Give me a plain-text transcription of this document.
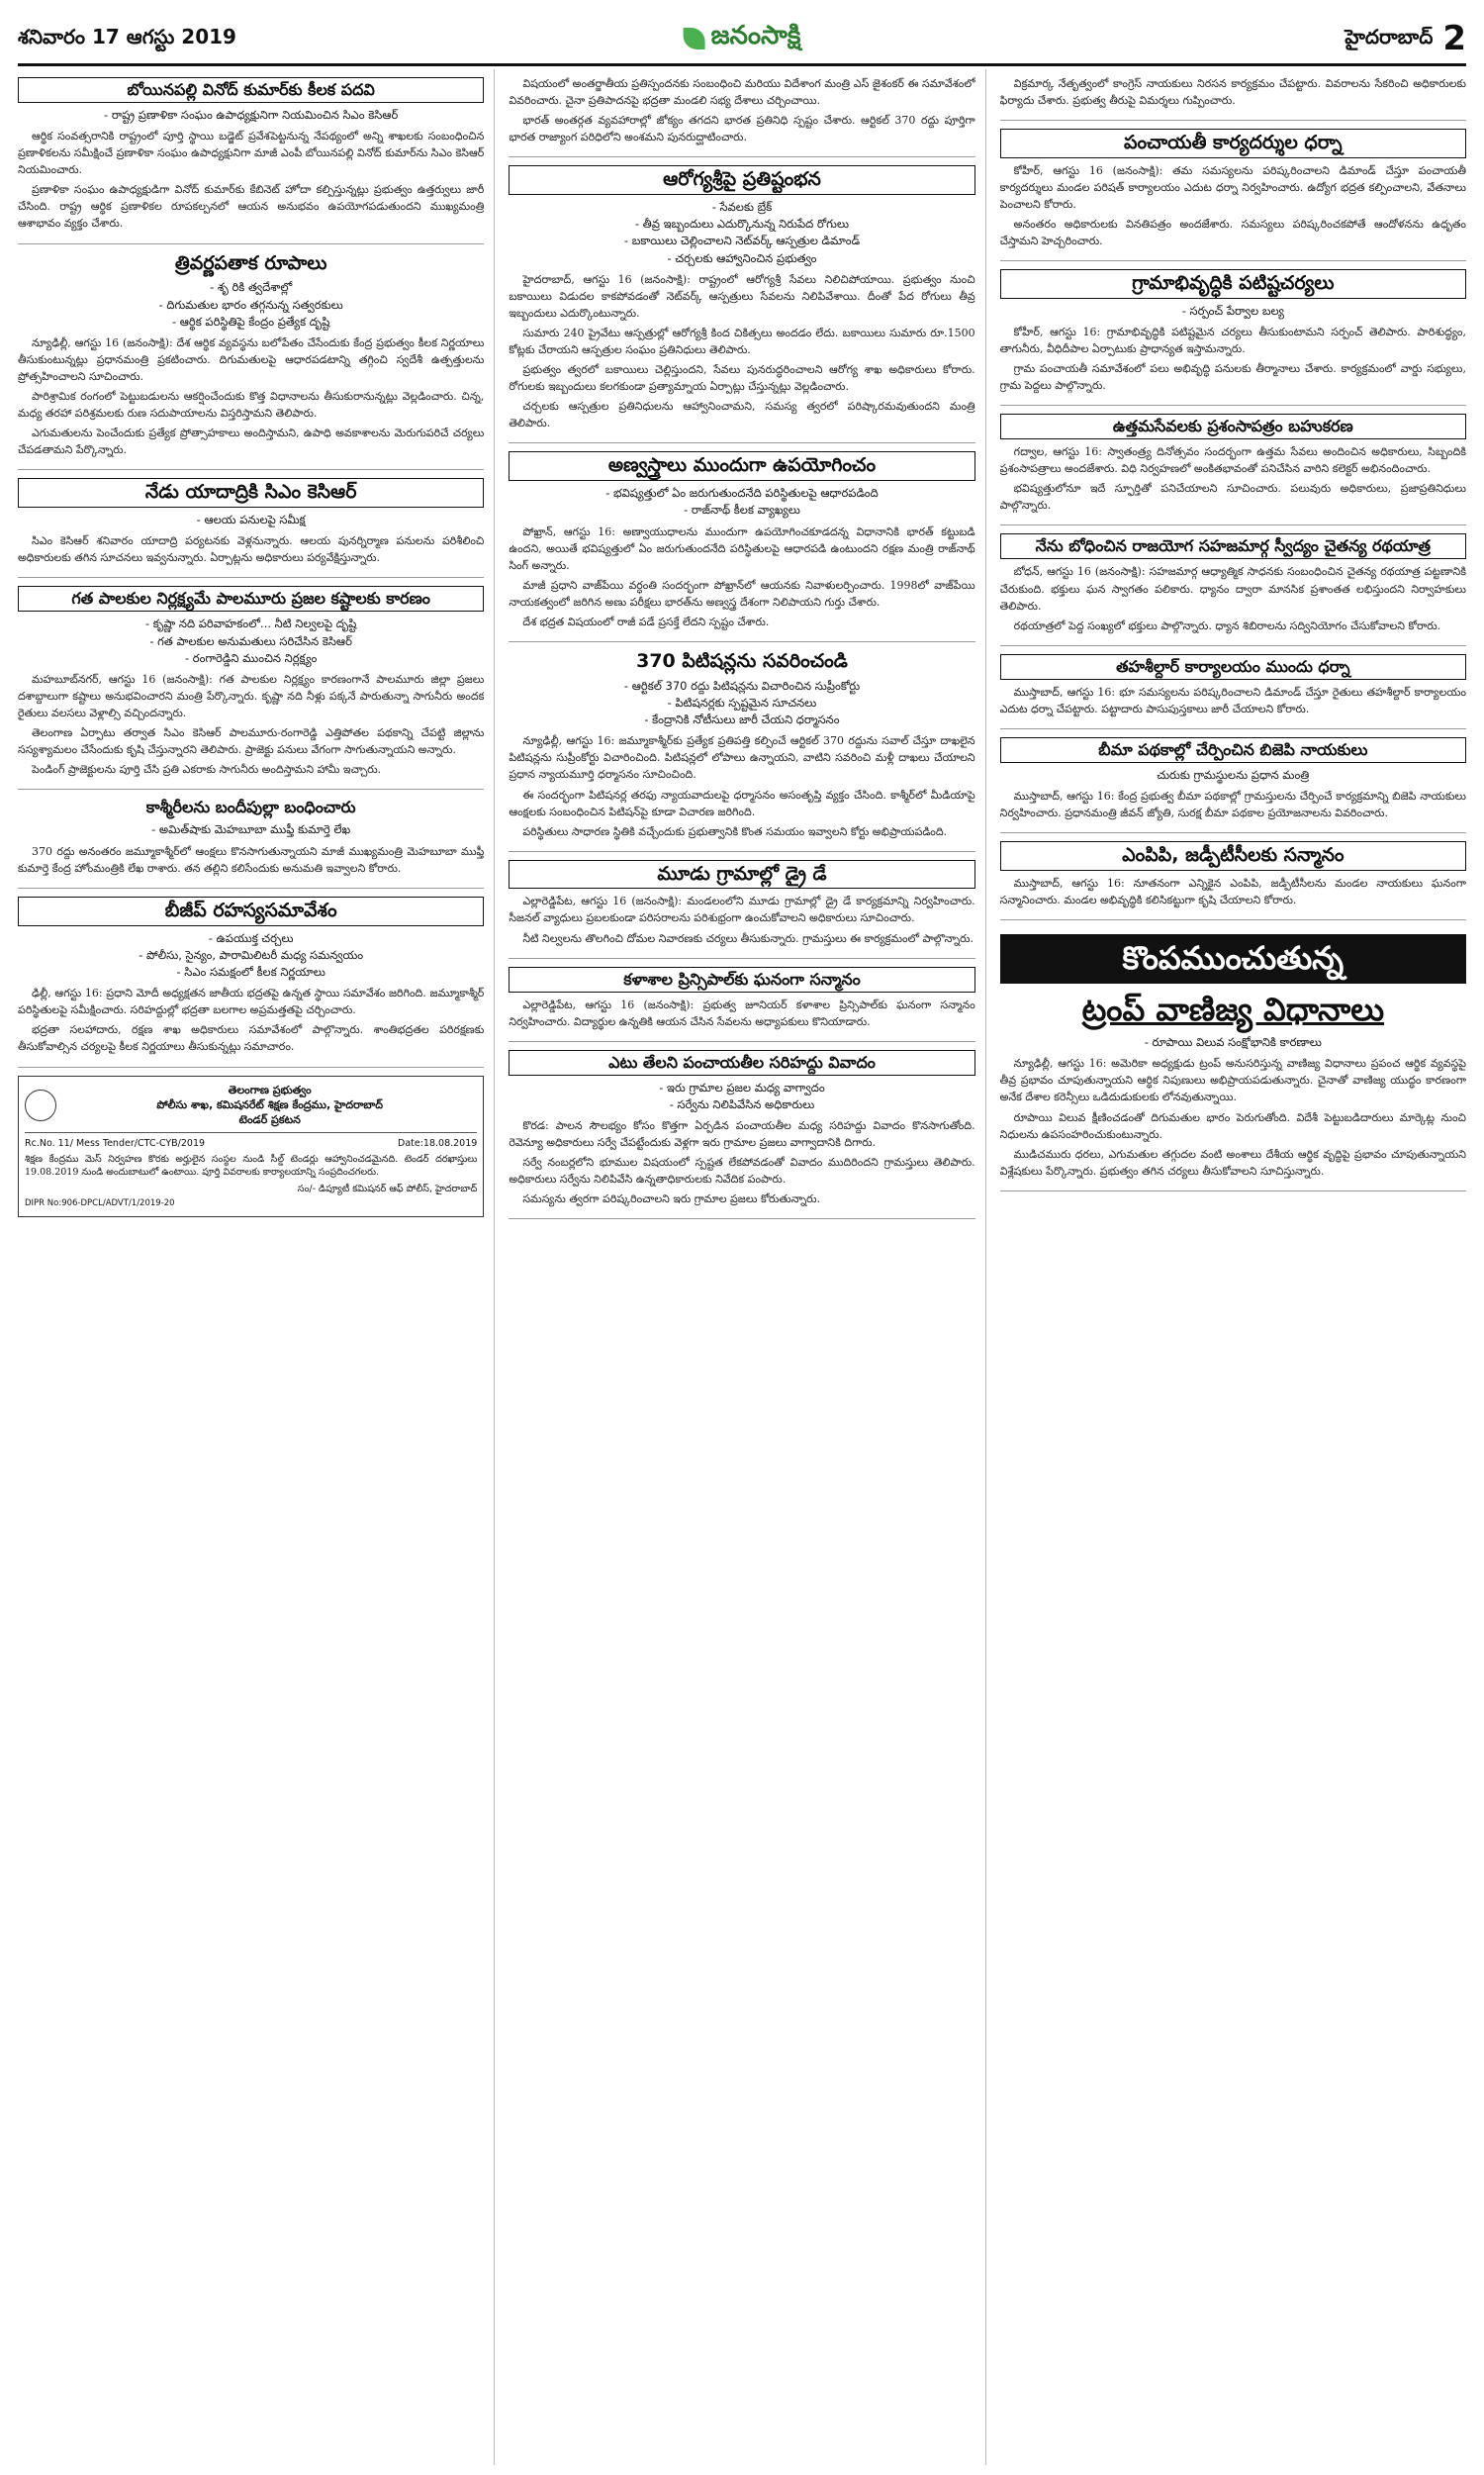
శనివారం 17 ఆగస్టు 2019	జనంసాక్షి	హైదరాబాద్ 2
బోయినపల్లి వినోద్ కుమార్‌కు కీలక పదవి
- రాష్ట్ర ప్రణాళికా సంఘం ఉపాధ్యక్షునిగా నియమించిన సిఎం కెసిఆర్

ఆర్థిక సంవత్సరానికి రాష్ట్రంలో పూర్తి స్థాయి బడ్జెట్ ప్రవేశపెట్టనున్న నేపథ్యంలో అన్ని శాఖలకు సంబంధించిన ప్రణాళికలను సమీక్షించే ప్రణాళికా సంఘం ఉపాధ్యక్షునిగా మాజీ ఎంపీ బోయినపల్లి వినోద్ కుమార్‌ను సిఎం కెసిఆర్ నియమించారు.

ప్రణాళికా సంఘం ఉపాధ్యక్షుడిగా వినోద్ కుమార్‌కు కేబినెట్ హోదా కల్పిస్తున్నట్లు ప్రభుత్వం ఉత్తర్వులు జారీ చేసింది. రాష్ట్ర ఆర్థిక ప్రణాళికల రూపకల్పనలో ఆయన అనుభవం ఉపయోగపడుతుందని ముఖ్యమంత్రి ఆశాభావం వ్యక్తం చేశారు.

త్రివర్ణపతాక రూపాలు
- శృ రికి త్వదేశాల్లో
- దిగుమతుల భారం తగ్గనున్న సత్వరకులు
- ఆర్థిక పరిస్థితిపై కేంద్రం ప్రత్యేక దృష్టి

న్యూఢిల్లీ, ఆగస్టు 16 (జనంసాక్షి): దేశ ఆర్థిక వ్యవస్థను బలోపేతం చేసేందుకు కేంద్ర ప్రభుత్వం కీలక నిర్ణయాలు తీసుకుంటున్నట్లు ప్రధానమంత్రి ప్రకటించారు. దిగుమతులపై ఆధారపడటాన్ని తగ్గించి స్వదేశీ ఉత్పత్తులను ప్రోత్సహించాలని సూచించారు.

పారిశ్రామిక రంగంలో పెట్టుబడులను ఆకర్షించేందుకు కొత్త విధానాలను తీసుకురానున్నట్లు వెల్లడించారు. చిన్న, మధ్య తరహా పరిశ్రమలకు రుణ సదుపాయాలను విస్తరిస్తామని తెలిపారు.

ఎగుమతులను పెంచేందుకు ప్రత్యేక ప్రోత్సాహకాలు అందిస్తామని, ఉపాధి అవకాశాలను మెరుగుపరిచే చర్యలు చేపడతామని పేర్కొన్నారు.

నేడు యాదాద్రికి సిఎం కెసిఆర్
- ఆలయ పనులపై సమీక్ష

సిఎం కెసిఆర్ శనివారం యాదాద్రి పర్యటనకు వెళ్లనున్నారు. ఆలయ పునర్నిర్మాణ పనులను పరిశీలించి అధికారులకు తగిన సూచనలు ఇవ్వనున్నారు. ఏర్పాట్లను అధికారులు పర్యవేక్షిస్తున్నారు.

గత పాలకుల నిర్లక్ష్యమే పాలమూరు ప్రజల కష్టాలకు కారణం
- కృష్ణా నది పరివాహకంలో... నీటి నిల్వలపై దృష్టి
- గత పాలకుల అనుమతులు సరిచేసిన కెసిఆర్
- రంగారెడ్డిని ముంచిన నిర్లక్ష్యం

మహబూబ్‌నగర్, ఆగస్టు 16 (జనంసాక్షి): గత పాలకుల నిర్లక్ష్యం కారణంగానే పాలమూరు జిల్లా ప్రజలు దశాబ్దాలుగా కష్టాలు అనుభవించారని మంత్రి పేర్కొన్నారు. కృష్ణా నది నీళ్లు పక్కనే పారుతున్నా సాగునీరు అందక రైతులు వలసలు వెళ్లాల్సి వచ్చిందన్నారు.

తెలంగాణ ఏర్పాటు తర్వాత సిఎం కెసిఆర్ పాలమూరు-రంగారెడ్డి ఎత్తిపోతల పథకాన్ని చేపట్టి జిల్లాను సస్యశ్యామలం చేసేందుకు కృషి చేస్తున్నారని తెలిపారు. ప్రాజెక్టు పనులు వేగంగా సాగుతున్నాయని అన్నారు.

పెండింగ్ ప్రాజెక్టులను పూర్తి చేసి ప్రతి ఎకరాకు సాగునీరు అందిస్తామని హామీ ఇచ్చారు.

కాశ్మీరీలను బందీపుల్లా బంధించారు
- అమిత్‌షాకు మెహబూబా ముఫ్తీ కుమార్తె లేఖ

370 రద్దు అనంతరం జమ్మూకాశ్మీర్‌లో ఆంక్షలు కొనసాగుతున్నాయని మాజీ ముఖ్యమంత్రి మెహబూబా ముఫ్తీ కుమార్తె కేంద్ర హోంమంత్రికి లేఖ రాశారు. తన తల్లిని కలిసేందుకు అనుమతి ఇవ్వాలని కోరారు.

బీజీప్ రహస్యసమావేశం
- ఉపయుక్త చర్చలు
- పోలీసు, సైన్యం, పారామిలిటరీ మధ్య సమన్వయం
- సిఎం సమక్షంలో కీలక నిర్ణయాలు

ఢిల్లీ, ఆగస్టు 16: ప్రధాని మోదీ అధ్యక్షతన జాతీయ భద్రతపై ఉన్నత స్థాయి సమావేశం జరిగింది. జమ్మూకాశ్మీర్ పరిస్థితులపై సమీక్షించారు. సరిహద్దుల్లో భద్రతా బలగాల అప్రమత్తతపై చర్చించారు.

భద్రతా సలహాదారు, రక్షణ శాఖ అధికారులు సమావేశంలో పాల్గొన్నారు. శాంతిభద్రతల పరిరక్షణకు తీసుకోవాల్సిన చర్యలపై కీలక నిర్ణయాలు తీసుకున్నట్లు సమాచారం.

తెలంగాణ ప్రభుత్వం
పోలీసు శాఖ, కమిషనరేట్ శిక్షణ కేంద్రము, హైదరాబాద్
టెండర్ ప్రకటన
Rc.No. 11/ Mess Tender/CTC-CYB/2019	Date:18.08.2019
శిక్షణ కేంద్రము మెస్ నిర్వహణ కొరకు అర్హులైన సంస్థల నుండి సీల్డ్ టెండర్లు ఆహ్వానించడమైనది. టెండర్ దరఖాస్తులు 19.08.2019 నుండి అందుబాటులో ఉంటాయి. పూర్తి వివరాలకు కార్యాలయాన్ని సంప్రదించగలరు.
సం/- డిప్యూటీ కమిషనర్ ఆఫ్ పోలీస్, హైదరాబాద్
DIPR No:906-DPCL/ADVT/1/2019-20

విషయంలో అంతర్జాతీయ ప్రతిస్పందనకు సంబంధించి మరియు విదేశాంగ మంత్రి ఎస్ జైశంకర్ ఈ సమావేశంలో వివరించారు. చైనా ప్రతిపాదనపై భద్రతా మండలి సభ్య దేశాలు చర్చించాయి.

భారత్ అంతర్గత వ్యవహారాల్లో జోక్యం తగదని భారత ప్రతినిధి స్పష్టం చేశారు. ఆర్టికల్ 370 రద్దు పూర్తిగా భారత రాజ్యాంగ పరిధిలోని అంశమని పునరుద్ఘాటించారు.

ఆరోగ్యశ్రీపై ప్రతిష్టంభన
- సేవలకు బ్రేక్
- తీవ్ర ఇబ్బందులు ఎదుర్కొనున్న నిరుపేద రోగులు
- బకాయిలు చెల్లించాలని నెట్‌వర్క్ ఆస్పత్రుల డిమాండ్
- చర్చలకు ఆహ్వానించిన ప్రభుత్వం

హైదరాబాద్, ఆగస్టు 16 (జనంసాక్షి): రాష్ట్రంలో ఆరోగ్యశ్రీ సేవలు నిలిచిపోయాయి. ప్రభుత్వం నుంచి బకాయిలు విడుదల కాకపోవడంతో నెట్‌వర్క్ ఆస్పత్రులు సేవలను నిలిపివేశాయి. దీంతో పేద రోగులు తీవ్ర ఇబ్బందులు ఎదుర్కొంటున్నారు.

సుమారు 240 ప్రైవేటు ఆస్పత్రుల్లో ఆరోగ్యశ్రీ కింద చికిత్సలు అందడం లేదు. బకాయిలు సుమారు రూ.1500 కోట్లకు చేరాయని ఆస్పత్రుల సంఘం ప్రతినిధులు తెలిపారు.

ప్రభుత్వం త్వరలో బకాయిలు చెల్లిస్తుందని, సేవలు పునరుద్ధరించాలని ఆరోగ్య శాఖ అధికారులు కోరారు. రోగులకు ఇబ్బందులు కలగకుండా ప్రత్యామ్నాయ ఏర్పాట్లు చేస్తున్నట్లు వెల్లడించారు.

చర్చలకు ఆస్పత్రుల ప్రతినిధులను ఆహ్వానించామని, సమస్య త్వరలో పరిష్కారమవుతుందని మంత్రి తెలిపారు.

అణ్వస్త్రాలు ముందుగా ఉపయోగించం
- భవిష్యత్తులో ఏం జరుగుతుందనేది పరిస్థితులపై ఆధారపడింది
- రాజ్‌నాథ్ కీలక వ్యాఖ్యలు

పోఖ్రాన్, ఆగస్టు 16: అణ్వాయుధాలను ముందుగా ఉపయోగించకూడదన్న విధానానికి భారత్ కట్టుబడి ఉందని, అయితే భవిష్యత్తులో ఏం జరుగుతుందనేది పరిస్థితులపై ఆధారపడి ఉంటుందని రక్షణ మంత్రి రాజ్‌నాథ్ సింగ్ అన్నారు.

మాజీ ప్రధాని వాజ్‌పేయి వర్ధంతి సందర్భంగా పోఖ్రాన్‌లో ఆయనకు నివాళులర్పించారు. 1998లో వాజ్‌పేయి నాయకత్వంలో జరిగిన అణు పరీక్షలు భారత్‌ను అణ్వస్త్ర దేశంగా నిలిపాయని గుర్తు చేశారు.

దేశ భద్రత విషయంలో రాజీ పడే ప్రసక్తే లేదని స్పష్టం చేశారు.

370 పిటిషన్లను సవరించండి
- ఆర్టికల్ 370 రద్దు పిటిషన్లను విచారించిన సుప్రీంకోర్టు
- పిటిషనర్లకు స్పష్టమైన సూచనలు
- కేంద్రానికి నోటీసులు జారీ చేయని ధర్మాసనం

న్యూఢిల్లీ, ఆగస్టు 16: జమ్మూకాశ్మీర్‌కు ప్రత్యేక ప్రతిపత్తి కల్పించే ఆర్టికల్ 370 రద్దును సవాల్ చేస్తూ దాఖలైన పిటిషన్లను సుప్రీంకోర్టు విచారించింది. పిటిషన్లలో లోపాలు ఉన్నాయని, వాటిని సవరించి మళ్లీ దాఖలు చేయాలని ప్రధాన న్యాయమూర్తి ధర్మాసనం సూచించింది.

ఈ సందర్భంగా పిటిషనర్ల తరఫు న్యాయవాదులపై ధర్మాసనం అసంతృప్తి వ్యక్తం చేసింది. కాశ్మీర్‌లో మీడియాపై ఆంక్షలకు సంబంధించిన పిటిషన్‌పై కూడా విచారణ జరిగింది.

పరిస్థితులు సాధారణ స్థితికి వచ్చేందుకు ప్రభుత్వానికి కొంత సమయం ఇవ్వాలని కోర్టు అభిప్రాయపడింది.

మూడు గ్రామాల్లో డ్రై డే

ఎల్లారెడ్డిపేట, ఆగస్టు 16 (జనంసాక్షి): మండలంలోని మూడు గ్రామాల్లో డ్రై డే కార్యక్రమాన్ని నిర్వహించారు. సీజనల్ వ్యాధులు ప్రబలకుండా పరిసరాలను పరిశుభ్రంగా ఉంచుకోవాలని అధికారులు సూచించారు.

నీటి నిల్వలను తొలగించి దోమల నివారణకు చర్యలు తీసుకున్నారు. గ్రామస్తులు ఈ కార్యక్రమంలో పాల్గొన్నారు.

కళాశాల ప్రిన్సిపాల్‌కు ఘనంగా సన్మానం

ఎల్లారెడ్డిపేట, ఆగస్టు 16 (జనంసాక్షి): ప్రభుత్వ జూనియర్ కళాశాల ప్రిన్సిపాల్‌కు ఘనంగా సన్మానం నిర్వహించారు. విద్యార్థుల ఉన్నతికి ఆయన చేసిన సేవలను అధ్యాపకులు కొనియాడారు.

ఎటు తేలని పంచాయతీల సరిహద్దు వివాదం
- ఇరు గ్రామాల ప్రజల మధ్య వాగ్వాదం
- సర్వేను నిలిపివేసిన అధికారులు

కొరడ: పాలన సౌలభ్యం కోసం కొత్తగా ఏర్పడిన పంచాయతీల మధ్య సరిహద్దు వివాదం కొనసాగుతోంది. రెవెన్యూ అధికారులు సర్వే చేపట్టేందుకు వెళ్లగా ఇరు గ్రామాల ప్రజలు వాగ్వాదానికి దిగారు.

సర్వే నంబర్లలోని భూముల విషయంలో స్పష్టత లేకపోవడంతో వివాదం ముదిరిందని గ్రామస్తులు తెలిపారు. అధికారులు సర్వేను నిలిపివేసి ఉన్నతాధికారులకు నివేదిక పంపారు.

సమస్యను త్వరగా పరిష్కరించాలని ఇరు గ్రామాల ప్రజలు కోరుతున్నారు.

విక్రమార్క నేతృత్వంలో కాంగ్రెస్ నాయకులు నిరసన కార్యక్రమం చేపట్టారు. వివరాలను సేకరించి అధికారులకు ఫిర్యాదు చేశారు. ప్రభుత్వ తీరుపై విమర్శలు గుప్పించారు.

పంచాయతీ కార్యదర్శుల ధర్నా

కోహీర్, ఆగస్టు 16 (జనంసాక్షి): తమ సమస్యలను పరిష్కరించాలని డిమాండ్ చేస్తూ పంచాయతీ కార్యదర్శులు మండల పరిషత్ కార్యాలయం ఎదుట ధర్నా నిర్వహించారు. ఉద్యోగ భద్రత కల్పించాలని, వేతనాలు పెంచాలని కోరారు.

అనంతరం అధికారులకు వినతిపత్రం అందజేశారు. సమస్యలు పరిష్కరించకపోతే ఆందోళనను ఉధృతం చేస్తామని హెచ్చరించారు.

గ్రామాభివృద్ధికి పటిష్టచర్యలు
- సర్పంచ్ పేర్వాల బల్య

కోహీర్, ఆగస్టు 16: గ్రామాభివృద్ధికి పటిష్టమైన చర్యలు తీసుకుంటామని సర్పంచ్ తెలిపారు. పారిశుద్ధ్యం, తాగునీరు, వీధిదీపాల ఏర్పాటుకు ప్రాధాన్యత ఇస్తామన్నారు.

గ్రామ పంచాయతీ సమావేశంలో పలు అభివృద్ధి పనులకు తీర్మానాలు చేశారు. కార్యక్రమంలో వార్డు సభ్యులు, గ్రామ పెద్దలు పాల్గొన్నారు.

ఉత్తమసేవలకు ప్రశంసాపత్రం బహుకరణ

గద్వాల, ఆగస్టు 16: స్వాతంత్ర్య దినోత్సవం సందర్భంగా ఉత్తమ సేవలు అందించిన అధికారులు, సిబ్బందికి ప్రశంసాపత్రాలు అందజేశారు. విధి నిర్వహణలో అంకితభావంతో పనిచేసిన వారిని కలెక్టర్ అభినందించారు.

భవిష్యత్తులోనూ ఇదే స్ఫూర్తితో పనిచేయాలని సూచించారు. పలువురు అధికారులు, ప్రజాప్రతినిధులు పాల్గొన్నారు.

నేను బోధించిన రాజయోగ సహజమార్గ స్వీద్యం చైతన్య రథయాత్ర

బోధన్, ఆగస్టు 16 (జనంసాక్షి): సహజమార్గ ఆధ్యాత్మిక సాధనకు సంబంధించిన చైతన్య రథయాత్ర పట్టణానికి చేరుకుంది. భక్తులు ఘన స్వాగతం పలికారు. ధ్యానం ద్వారా మానసిక ప్రశాంతత లభిస్తుందని నిర్వాహకులు తెలిపారు.

రథయాత్రలో పెద్ద సంఖ్యలో భక్తులు పాల్గొన్నారు. ధ్యాన శిబిరాలను సద్వినియోగం చేసుకోవాలని కోరారు.

తహశీల్దార్ కార్యాలయం ముందు ధర్నా

ముస్తాబాద్, ఆగస్టు 16: భూ సమస్యలను పరిష్కరించాలని డిమాండ్ చేస్తూ రైతులు తహశీల్దార్ కార్యాలయం ఎదుట ధర్నా చేపట్టారు. పట్టాదారు పాసుపుస్తకాలు జారీ చేయాలని కోరారు.

బీమా పథకాల్లో చేర్పించిన బిజెపి నాయకులు
చురుకు గ్రామస్థులను ప్రధాన మంత్రి

ముస్తాబాద్, ఆగస్టు 16: కేంద్ర ప్రభుత్వ బీమా పథకాల్లో గ్రామస్తులను చేర్పించే కార్యక్రమాన్ని బిజెపి నాయకులు నిర్వహించారు. ప్రధానమంత్రి జీవన్ జ్యోతి, సురక్ష బీమా పథకాల ప్రయోజనాలను వివరించారు.

ఎంపిపి, జడ్పీటీసీలకు సన్మానం

ముస్తాబాద్, ఆగస్టు 16: నూతనంగా ఎన్నికైన ఎంపిపి, జడ్పీటీసీలను మండల నాయకులు ఘనంగా సన్మానించారు. మండల అభివృద్ధికి కలిసికట్టుగా కృషి చేయాలని కోరారు.

కొంపముంచుతున్న
ట్రంప్ వాణిజ్య విధానాలు
- రూపాయి విలువ సంక్షోభానికి కారణాలు

న్యూఢిల్లీ, ఆగస్టు 16: అమెరికా అధ్యక్షుడు ట్రంప్ అనుసరిస్తున్న వాణిజ్య విధానాలు ప్రపంచ ఆర్థిక వ్యవస్థపై తీవ్ర ప్రభావం చూపుతున్నాయని ఆర్థిక నిపుణులు అభిప్రాయపడుతున్నారు. చైనాతో వాణిజ్య యుద్ధం కారణంగా అనేక దేశాల కరెన్సీలు ఒడిదుడుకులకు లోనవుతున్నాయి.

రూపాయి విలువ క్షీణించడంతో దిగుమతుల భారం పెరుగుతోంది. విదేశీ పెట్టుబడిదారులు మార్కెట్ల నుంచి నిధులను ఉపసంహరించుకుంటున్నారు.

ముడిచమురు ధరలు, ఎగుమతుల తగ్గుదల వంటి అంశాలు దేశీయ ఆర్థిక వృద్ధిపై ప్రభావం చూపుతున్నాయని విశ్లేషకులు పేర్కొన్నారు. ప్రభుత్వం తగిన చర్యలు తీసుకోవాలని సూచిస్తున్నారు.
